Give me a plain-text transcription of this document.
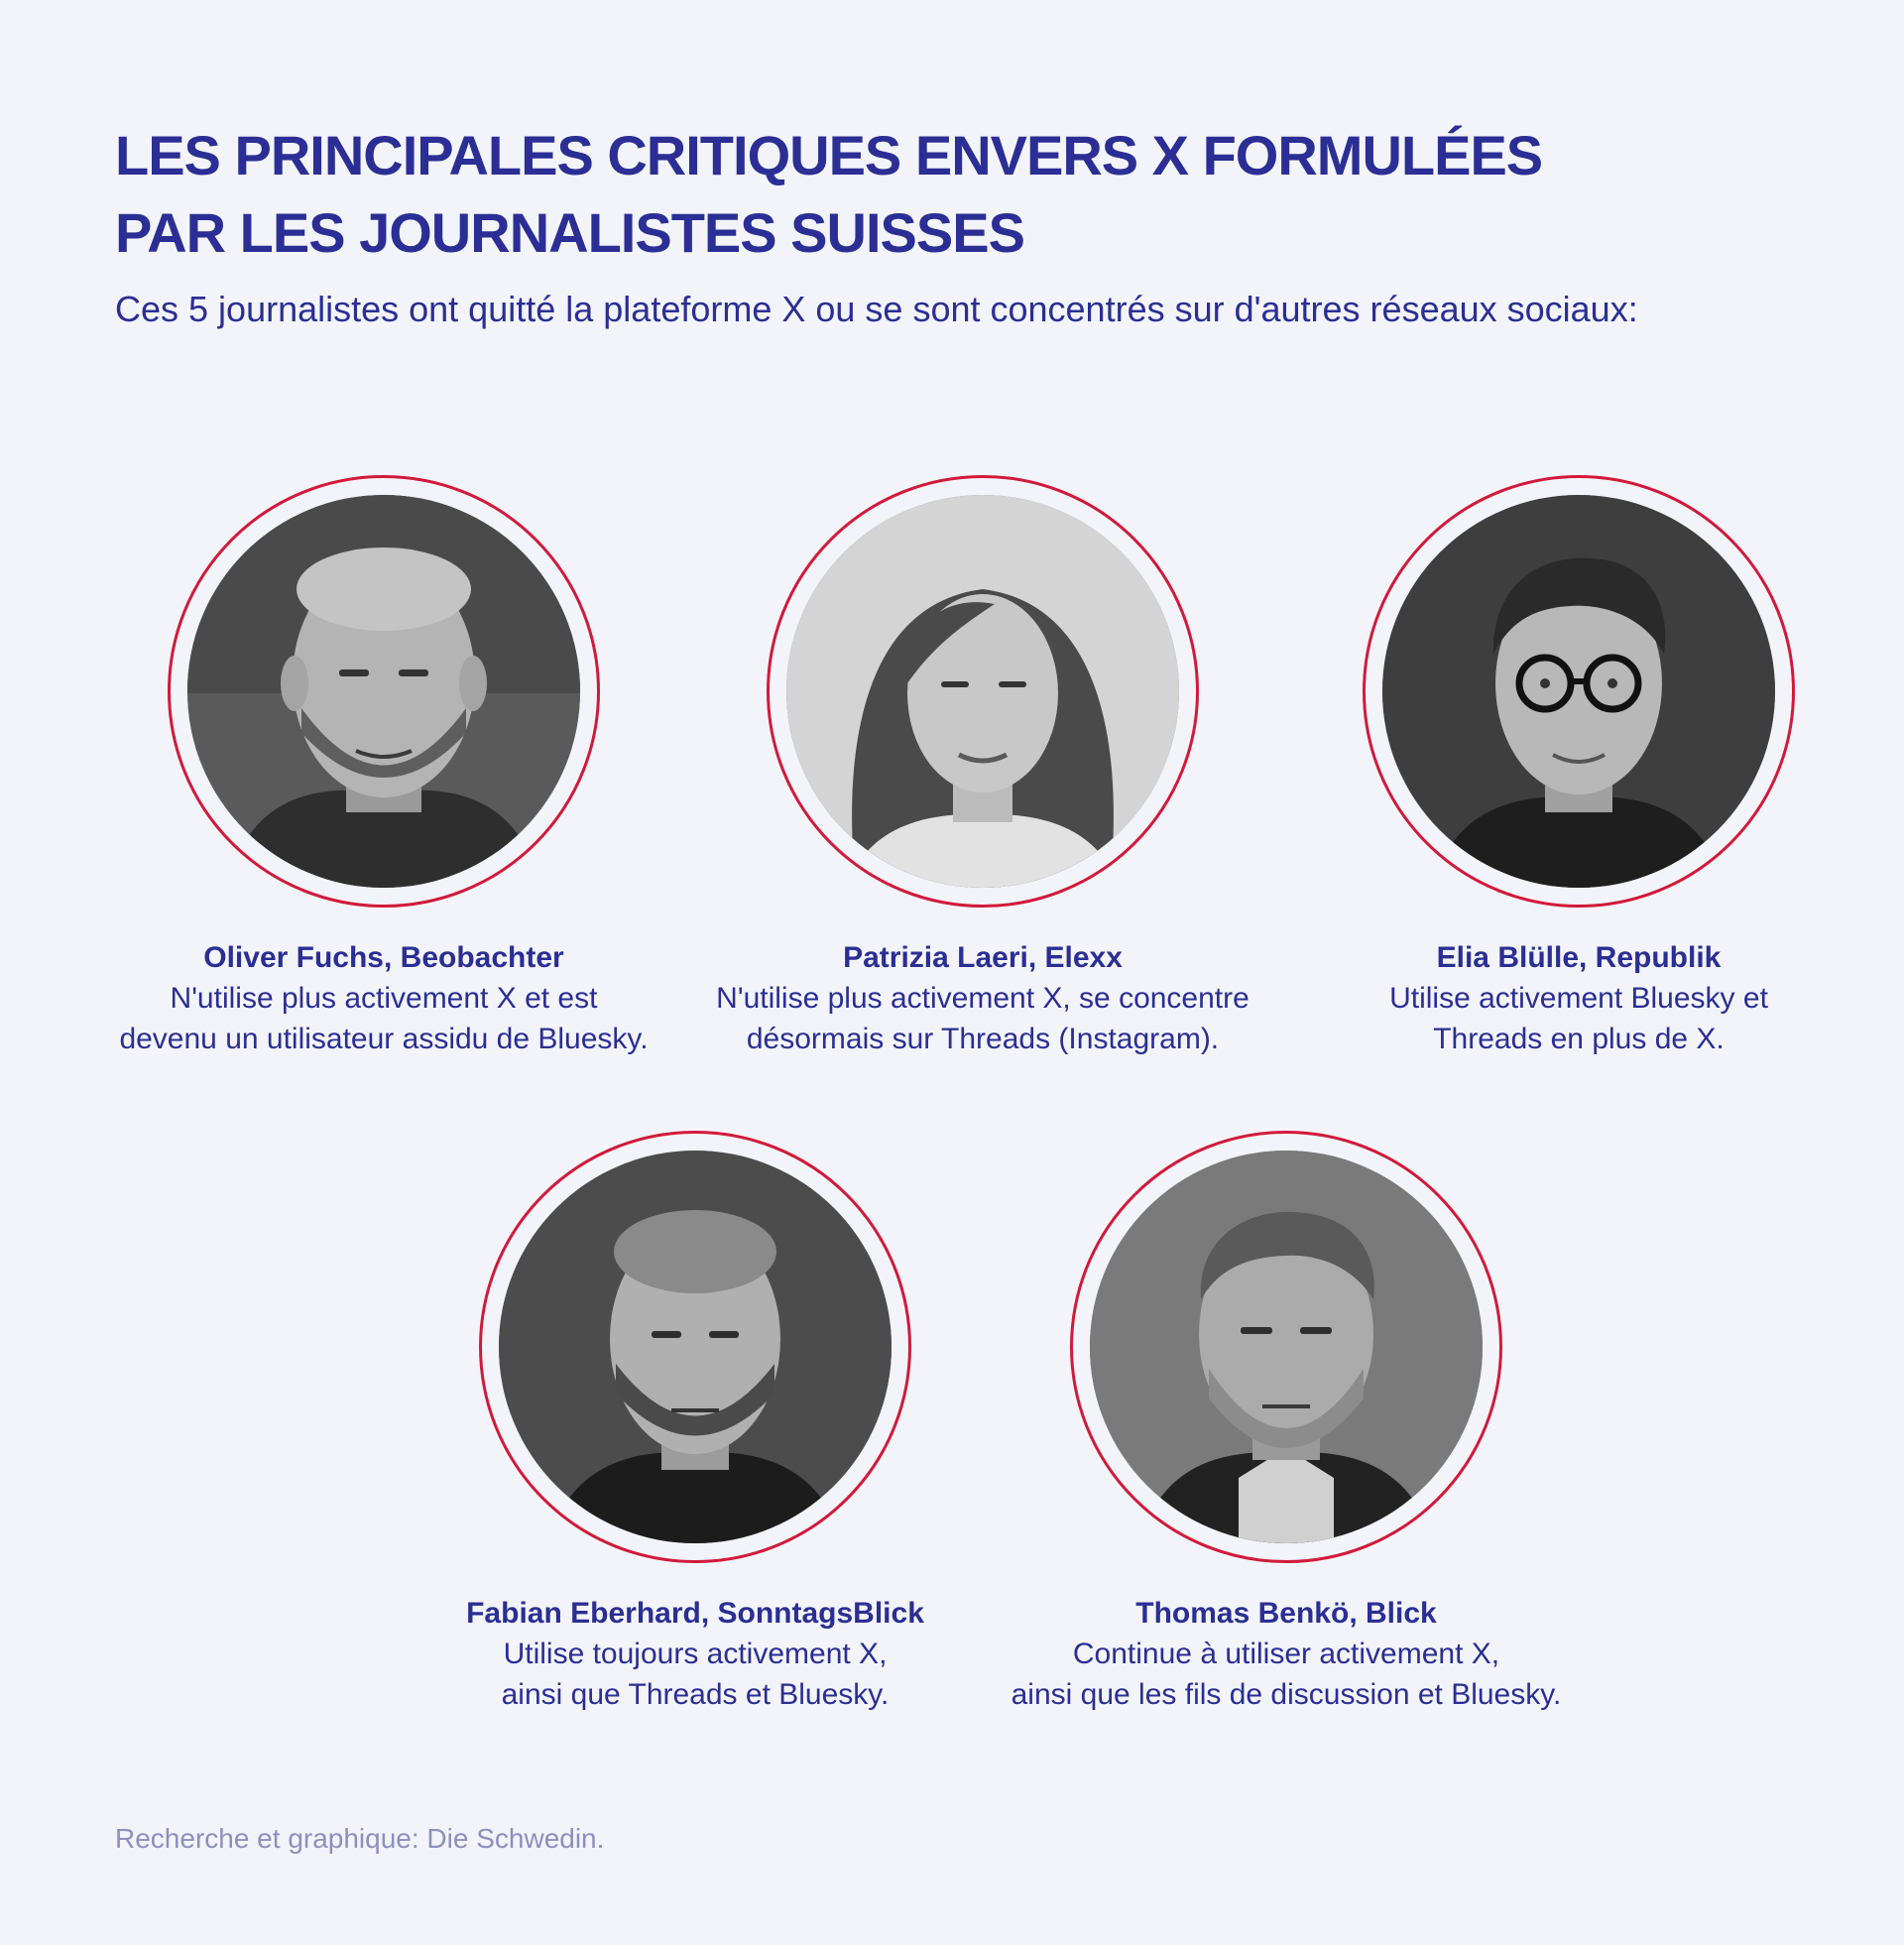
LES PRINCIPALES CRITIQUES ENVERS X FORMULÉES
PAR LES JOURNALISTES SUISSES

Ces 5 journalistes ont quitté la plateforme X ou se sont concentrés sur d'autres réseaux sociaux:

Oliver Fuchs, Beobachter
N'utilise plus activement X et est
devenu un utilisateur assidu de Bluesky.
Patrizia Laeri, Elexx
N'utilise plus activement X, se concentre
désormais sur Threads (Instagram).
Elia Blülle, Republik
Utilise activement Bluesky et
Threads en plus de X.
Fabian Eberhard, SonntagsBlick
Utilise toujours activement X,
ainsi que Threads et Bluesky.
Thomas Benkö, Blick
Continue à utiliser activement X,
ainsi que les fils de discussion et Bluesky.

Recherche et graphique: Die Schwedin.
